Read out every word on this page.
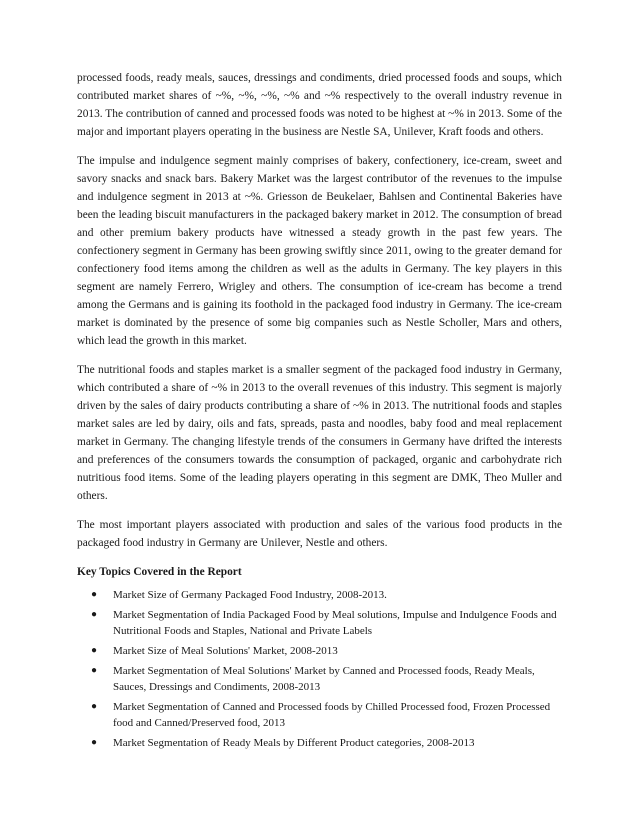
processed foods, ready meals, sauces, dressings and condiments, dried processed foods and soups, which contributed market shares of ~%, ~%, ~%, ~% and ~% respectively to the overall industry revenue in 2013. The contribution of canned and processed foods was noted to be highest at ~% in 2013. Some of the major and important players operating in the business are Nestle SA, Unilever, Kraft foods and others.

The impulse and indulgence segment mainly comprises of bakery, confectionery, ice-cream, sweet and savory snacks and snack bars. Bakery Market was the largest contributor of the revenues to the impulse and indulgence segment in 2013 at ~%. Griesson de Beukelaer, Bahlsen and Continental Bakeries have been the leading biscuit manufacturers in the packaged bakery market in 2012. The consumption of bread and other premium bakery products have witnessed a steady growth in the past few years. The confectionery segment in Germany has been growing swiftly since 2011, owing to the greater demand for confectionery food items among the children as well as the adults in Germany. The key players in this segment are namely Ferrero, Wrigley and others. The consumption of ice-cream has become a trend among the Germans and is gaining its foothold in the packaged food industry in Germany. The ice-cream market is dominated by the presence of some big companies such as Nestle Scholler, Mars and others, which lead the growth in this market.

The nutritional foods and staples market is a smaller segment of the packaged food industry in Germany, which contributed a share of ~% in 2013 to the overall revenues of this industry. This segment is majorly driven by the sales of dairy products contributing a share of ~% in 2013. The nutritional foods and staples market sales are led by dairy, oils and fats, spreads, pasta and noodles, baby food and meal replacement market in Germany. The changing lifestyle trends of the consumers in Germany have drifted the interests and preferences of the consumers towards the consumption of packaged, organic and carbohydrate rich nutritious food items. Some of the leading players operating in this segment are DMK, Theo Muller and others.

The most important players associated with production and sales of the various food products in the packaged food industry in Germany are Unilever, Nestle and others.

Key Topics Covered in the Report
● Market Size of Germany Packaged Food Industry, 2008-2013.
● Market Segmentation of India Packaged Food by Meal solutions, Impulse and Indulgence Foods and Nutritional Foods and Staples, National and Private Labels
● Market Size of Meal Solutions' Market, 2008-2013
● Market Segmentation of Meal Solutions' Market by Canned and Processed foods, Ready Meals, Sauces, Dressings and Condiments, 2008-2013
● Market Segmentation of Canned and Processed foods by Chilled Processed food, Frozen Processed food and Canned/Preserved food, 2013
● Market Segmentation of Ready Meals by Different Product categories, 2008-2013
